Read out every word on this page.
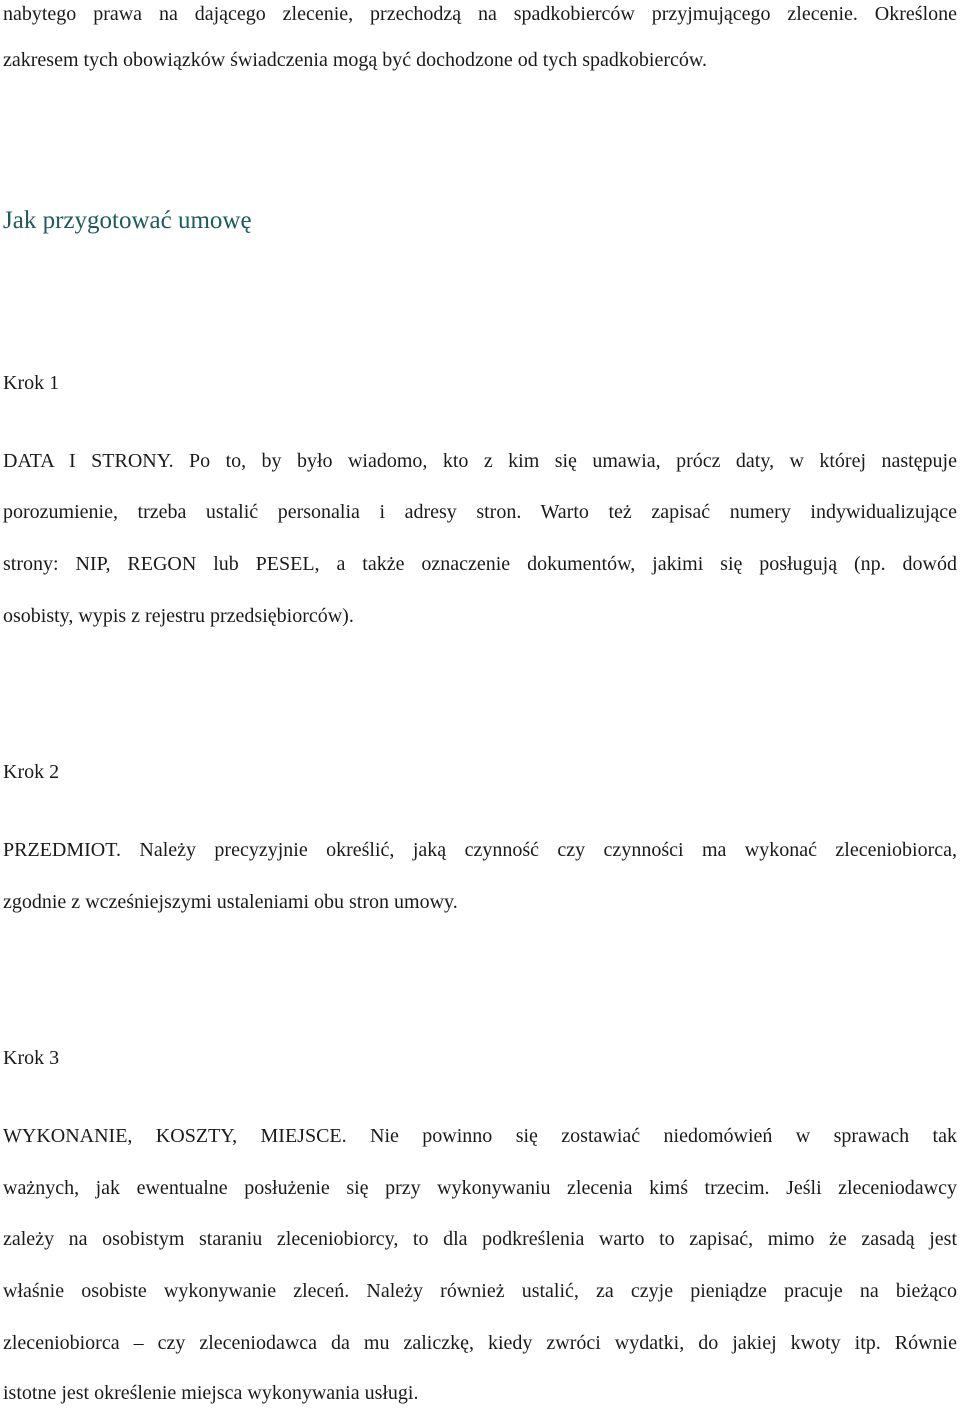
nabytego prawa na dającego zlecenie, przechodzą na spadkobierców przyjmującego zlecenie. Określone
zakresem tych obowiązków świadczenia mogą być dochodzone od tych spadkobierców.
Jak przygotować umowę
Krok 1
DATA I STRONY. Po to, by było wiadomo, kto z kim się umawia, prócz daty, w której następuje
porozumienie, trzeba ustalić personalia i adresy stron. Warto też zapisać numery indywidualizujące
strony: NIP, REGON lub PESEL, a także oznaczenie dokumentów, jakimi się posługują (np. dowód
osobisty, wypis z rejestru przedsiębiorców).
Krok 2
PRZEDMIOT. Należy precyzyjnie określić, jaką czynność czy czynności ma wykonać zleceniobiorca,
zgodnie z wcześniejszymi ustaleniami obu stron umowy.
Krok 3
WYKONANIE, KOSZTY, MIEJSCE. Nie powinno się zostawiać niedomówień w sprawach tak
ważnych, jak ewentualne posłużenie się przy wykonywaniu zlecenia kimś trzecim. Jeśli zleceniodawcy
zależy na osobistym staraniu zleceniobiorcy, to dla podkreślenia warto to zapisać, mimo że zasadą jest
właśnie osobiste wykonywanie zleceń. Należy również ustalić, za czyje pieniądze pracuje na bieżąco
zleceniobiorca – czy zleceniodawca da mu zaliczkę, kiedy zwróci wydatki, do jakiej kwoty itp. Równie
istotne jest określenie miejsca wykonywania usługi.
